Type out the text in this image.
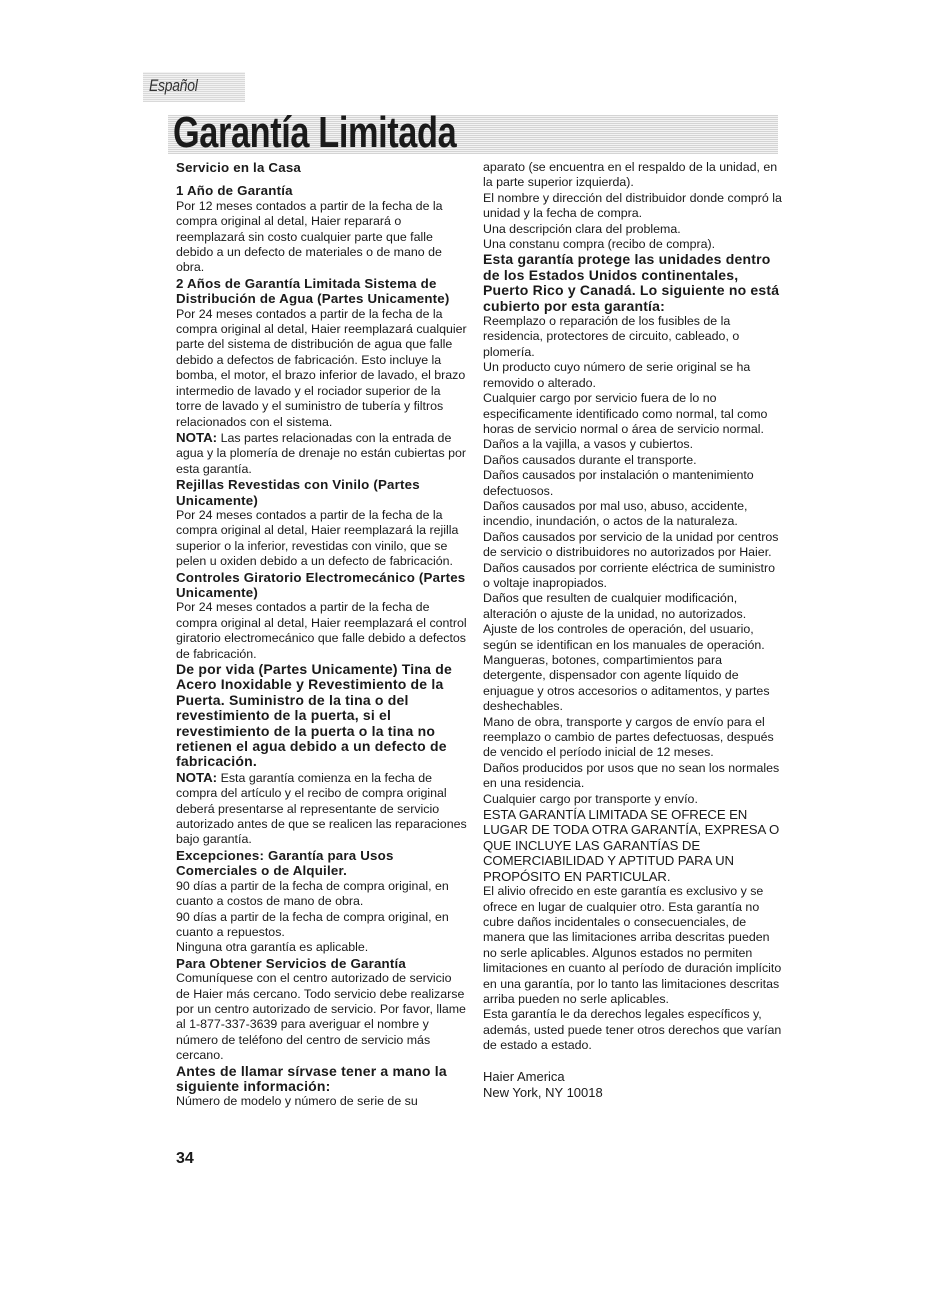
Español
Garantía Limitada

Servicio en la Casa

1 Año de Garantía

Por 12 meses contados a partir de la fecha de la compra original al detal, Haier reparará o reemplazará sin costo cualquier parte que falle debido a un defecto de materiales o de mano de obra.

2 Años de Garantía Limitada Sistema de Distribución de Agua (Partes Unicamente)

Por 24 meses contados a partir de la fecha de la compra original al detal, Haier reemplazará cualquier parte del sistema de distribución de agua que falle debido a defectos de fabricación. Esto incluye la bomba, el motor, el brazo inferior de lavado, el brazo intermedio de lavado y el rociador superior de la torre de lavado y el suministro de tubería y filtros relacionados con el sistema.

NOTA: Las partes relacionadas con la entrada de agua y la plomería de drenaje no están cubiertas por esta garantía.

Rejillas Revestidas con Vinilo (Partes Unicamente)

Por 24 meses contados a partir de la fecha de la compra original al detal, Haier reemplazará la rejilla superior o la inferior, revestidas con vinilo, que se pelen u oxiden debido a un defecto de fabricación.

Controles Giratorio Electromecánico (Partes Unicamente)

Por 24 meses contados a partir de la fecha de compra original al detal, Haier reemplazará el control giratorio electromecánico que falle debido a defectos de fabricación.

De por vida (Partes Unicamente) Tina de Acero Inoxidable y Revestimiento de la Puerta. Suministro de la tina o del revestimiento de la puerta, si el revestimiento de la puerta o la tina no retienen el agua debido a un defecto de fabricación.

NOTA: Esta garantía comienza en la fecha de compra del artículo y el recibo de compra original deberá presentarse al representante de servicio autorizado antes de que se realicen las reparaciones bajo garantía.

Excepciones: Garantía para Usos Comerciales o de Alquiler.

90 días a partir de la fecha de compra original, en cuanto a costos de mano de obra.

90 días a partir de la fecha de compra original, en cuanto a repuestos.

Ninguna otra garantía es aplicable.

Para Obtener Servicios de Garantía

Comuníquese con el centro autorizado de servicio de Haier más cercano. Todo servicio debe realizarse por un centro autorizado de servicio. Por favor, llame al 1-877-337-3639 para averiguar el nombre y número de teléfono del centro de servicio más cercano.

Antes de llamar sírvase tener a mano la siguiente información:

Número de modelo y número de serie de su

34

aparato (se encuentra en el respaldo de la unidad, en la parte superior izquierda).

El nombre y dirección del distribuidor donde compró la unidad y la fecha de compra.

Una descripción clara del problema.

Una constanu compra (recibo de compra).

Esta garantía protege las unidades dentro de los Estados Unidos continentales, Puerto Rico y Canadá. Lo siguiente no está cubierto por esta garantía:

Reemplazo o reparación de los fusibles de la residencia, protectores de circuito, cableado, o plomería.

Un producto cuyo número de serie original se ha removido o alterado.

Cualquier cargo por servicio fuera de lo no especificamente identificado como normal, tal como horas de servicio normal o área de servicio normal.

Daños a la vajilla, a vasos y cubiertos.

Daños causados durante el transporte.

Daños causados por instalación o mantenimiento defectuosos.

Daños causados por mal uso, abuso, accidente, incendio, inundación, o actos de la naturaleza.

Daños causados por servicio de la unidad por centros de servicio o distribuidores no autorizados por Haier.

Daños causados por corriente eléctrica de suministro o voltaje inapropiados.

Daños que resulten de cualquier modificación, alteración o ajuste de la unidad, no autorizados.

Ajuste de los controles de operación, del usuario, según se identifican en los manuales de operación.

Mangueras, botones, compartimientos para detergente, dispensador con agente líquido de enjuague y otros accesorios o aditamentos, y partes deshechables.

Mano de obra, transporte y cargos de envío para el reemplazo o cambio de partes defectuosas, después de vencido el período inicial de 12 meses.

Daños producidos por usos que no sean los normales en una residencia.

Cualquier cargo por transporte y envío.

ESTA GARANTÍA LIMITADA SE OFRECE EN LUGAR DE TODA OTRA GARANTÍA, EXPRESA O QUE INCLUYE LAS GARANTÍAS DE COMERCIABILIDAD Y APTITUD PARA UN PROPÓSITO EN PARTICULAR.

El alivio ofrecido en este garantía es exclusivo y se ofrece en lugar de cualquier otro. Esta garantía no cubre daños incidentales o consecuenciales, de manera que las limitaciones arriba descritas pueden no serle aplicables. Algunos estados no permiten limitaciones en cuanto al período de duración implícito en una garantía, por lo tanto las limitaciones descritas arriba pueden no serle aplicables.

Esta garantía le da derechos legales específicos y, además, usted puede tener otros derechos que varían de estado a estado.

Haier America

New York, NY 10018
